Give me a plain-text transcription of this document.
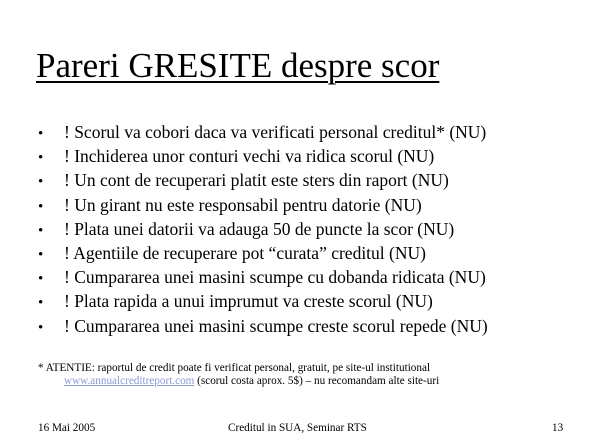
Pareri GRESITE despre scor
•	! Scorul va cobori daca va verificati personal creditul* (NU)
•	! Inchiderea unor conturi vechi va ridica scorul (NU)
•	! Un cont de recuperari platit este sters din raport (NU)
•	! Un girant nu este responsabil pentru datorie (NU)
•	! Plata unei datorii va adauga 50 de puncte la scor (NU)
•	! Agentiile de recuperare pot “curata” creditul (NU)
•	! Cumpararea unei masini scumpe cu dobanda ridicata (NU)
•	! Plata rapida a unui imprumut va creste scorul (NU)
•	! Cumpararea unei masini scumpe creste scorul repede (NU)
* ATENTIE: raportul de credit poate fi verificat personal, gratuit, pe site-ul institutional
www.annualcreditreport.com (scorul costa aprox. 5$) – nu recomandam alte site-uri
16 Mai 2005	Creditul in SUA, Seminar RTS	13
